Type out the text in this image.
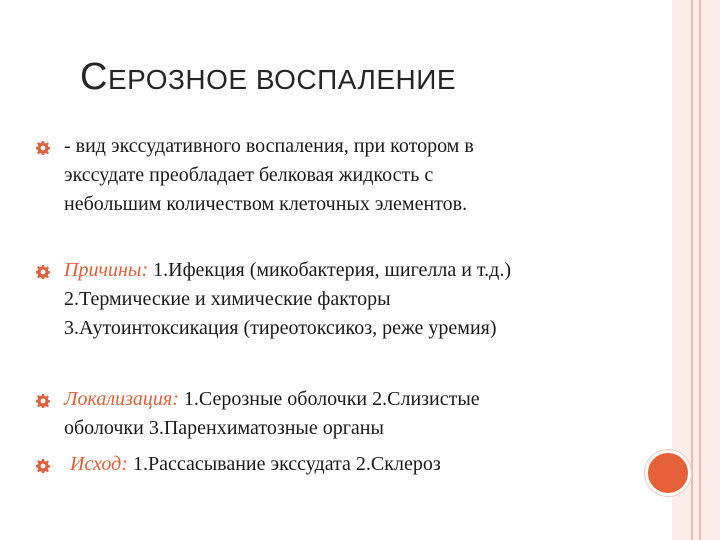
СЕРОЗНОЕ ВОСПАЛЕНИЕ
- вид экссудативного воспаления, при котором в
экссудате преобладает белковая жидкость с
небольшим количеством клеточных элементов.
Причины: 1.Ифекция (микобактерия, шигелла и т.д.)
2.Термические и химические факторы
3.Аутоинтоксикация (тиреотоксикоз, реже уремия)
Локализация: 1.Серозные оболочки 2.Слизистые
оболочки 3.Паренхиматозные органы
Исход: 1.Рассасывание экссудата 2.Склероз
